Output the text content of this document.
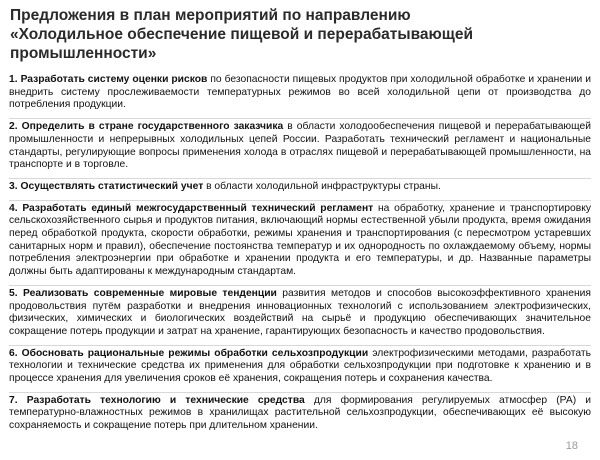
Предложения в план мероприятий по направлению
«Холодильное обеспечение пищевой и перерабатывающей
промышленности»

1. Разработать систему оценки рисков по безопасности пищевых продуктов при холодильной обработке и хранении и внедрить систему прослеживаемости температурных режимов во всей холодильной цепи от производства до потребления продукции.

2. Определить в стране государственного заказчика в области холодообеспечения пищевой и перерабатывающей промышленности и непрерывных холодильных цепей России. Разработать технический регламент и национальные стандарты, регулирующие вопросы применения холода в отраслях пищевой и перерабатывающей промышленности, на транспорте и в торговле.

3. Осуществлять статистический учет в области холодильной инфраструктуры страны.

4. Разработать единый межгосударственный технический регламент на обработку, хранение и транспортировку сельскохозяйственного сырья и продуктов питания, включающий нормы естественной убыли продукта, время ожидания перед обработкой продукта, скорости обработки, режимы хранения и транспортирования (с пересмотром устаревших санитарных норм и правил), обеспечение постоянства температур и их однородность по охлаждаемому объему, нормы потребления электроэнергии при обработке и хранении продукта и его температуры, и др. Названные параметры должны быть адаптированы к международным стандартам.

5. Реализовать современные мировые тенденции развития методов и способов высокоэффективного хранения продовольствия путём разработки и внедрения инновационных технологий с использованием электрофизических, физических, химических и биологических воздействий на сырьё и продукцию обеспечивающих значительное сокращение потерь продукции и затрат на хранение, гарантирующих безопасность и качество продовольствия.

6. Обосновать рациональные режимы обработки сельхозпродукции электрофизическими методами, разработать технологии и технические средства их применения для обработки сельхозпродукции при подготовке к хранению и в процессе хранения для увеличения сроков её хранения, сокращения потерь и сохранения качества.

7. Разработать технологию и технические средства для формирования регулируемых атмосфер (РА) и температурно-влажностных режимов в хранилищах растительной сельхозпродукции, обеспечивающих её высокую сохраняемость и сокращение потерь при длительном хранении.

18
